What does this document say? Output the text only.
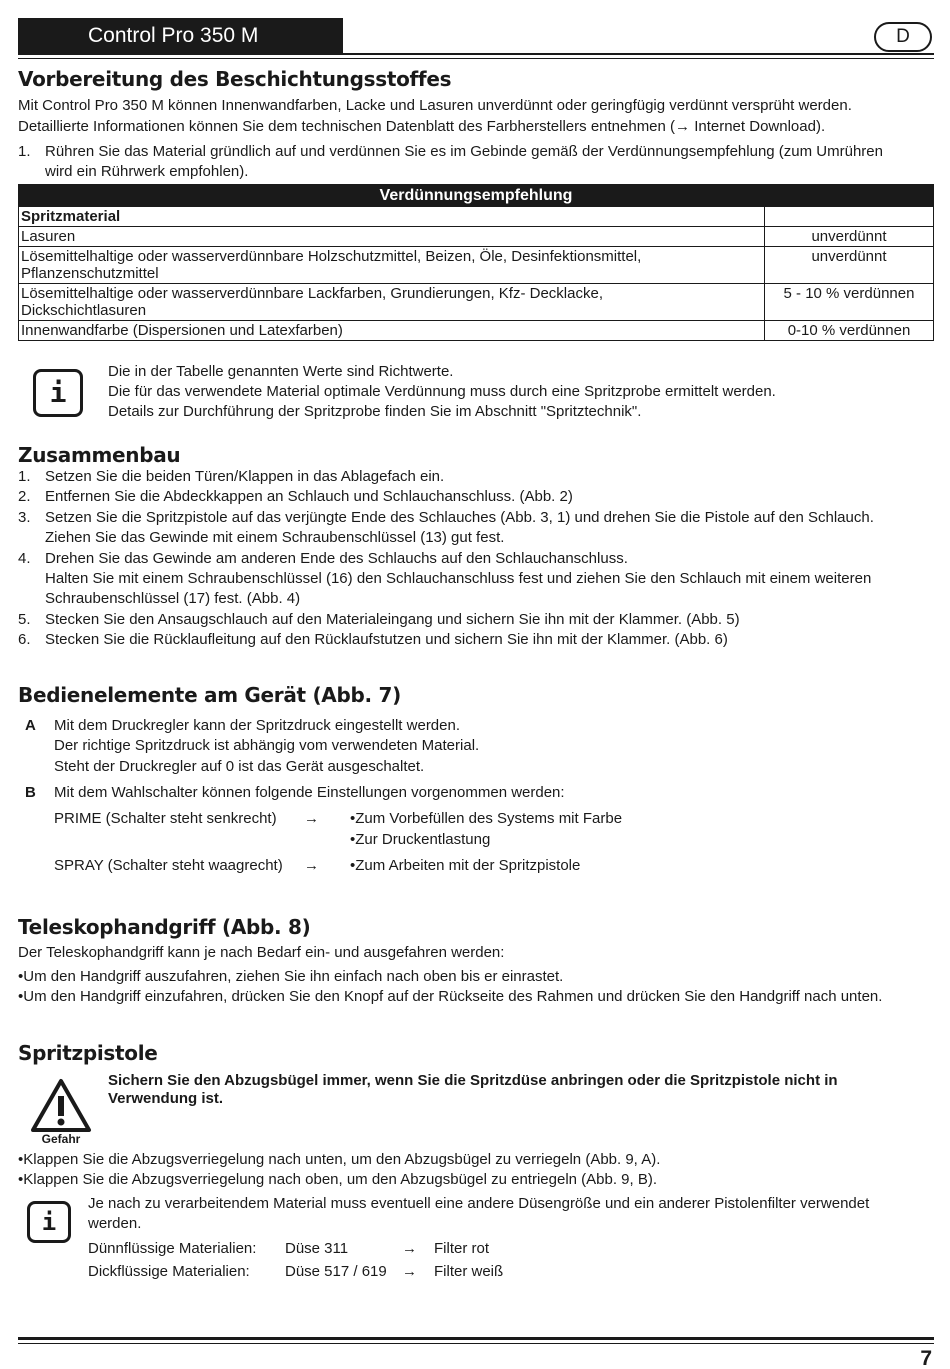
Control Pro 350 M	D
Vorbereitung des Beschichtungsstoffes
Mit Control Pro 350 M können Innenwandfarben, Lacke und Lasuren unverdünnt oder geringfügig verdünnt versprüht werden.
Detaillierte Informationen können Sie dem technischen Datenblatt des Farbherstellers entnehmen (→ Internet Download).
1. Rühren Sie das Material gründlich auf und verdünnen Sie es im Gebinde gemäß der Verdünnungsempfehlung (zum Umrühren
wird ein Rührwerk empfohlen).
Verdünnungsempfehlung	
Spritzmaterial	
Lasuren	unverdünnt
Lösemittelhaltige oder wasserverdünnbare Holzschutzmittel, Beizen, Öle, Desinfektionsmittel, Pflanzenschutzmittel	unverdünnt
Lösemittelhaltige oder wasserverdünnbare Lackfarben, Grundierungen, Kfz- Decklacke, Dickschichtlasuren	5 - 10 % verdünnen
Innenwandfarbe (Dispersionen und Latexfarben)	0-10 % verdünnen
i
Die in der Tabelle genannten Werte sind Richtwerte.
Die für das verwendete Material optimale Verdünnung muss durch eine Spritzprobe ermittelt werden.
Details zur Durchführung der Spritzprobe finden Sie im Abschnitt "Spritztechnik".
Zusammenbau
1. Setzen Sie die beiden Türen/Klappen in das Ablagefach ein.
2. Entfernen Sie die Abdeckkappen an Schlauch und Schlauchanschluss. (Abb. 2)
3. Setzen Sie die Spritzpistole auf das verjüngte Ende des Schlauches (Abb. 3, 1) und drehen Sie die Pistole auf den Schlauch.
Ziehen Sie das Gewinde mit einem Schraubenschlüssel (13) gut fest.
4. Drehen Sie das Gewinde am anderen Ende des Schlauchs auf den Schlauchanschluss.
Halten Sie mit einem Schraubenschlüssel (16) den Schlauchanschluss fest und ziehen Sie den Schlauch mit einem weiteren
Schraubenschlüssel (17) fest. (Abb. 4)
5. Stecken Sie den Ansaugschlauch auf den Materialeingang und sichern Sie ihn mit der Klammer. (Abb. 5)
6. Stecken Sie die Rücklaufleitung auf den Rücklaufstutzen und sichern Sie ihn mit der Klammer. (Abb. 6)
Bedienelemente am Gerät (Abb. 7)
A Mit dem Druckregler kann der Spritzdruck eingestellt werden.
Der richtige Spritzdruck ist abhängig vom verwendeten Material.
Steht der Druckregler auf 0 ist das Gerät ausgeschaltet.
B Mit dem Wahlschalter können folgende Einstellungen vorgenommen werden:
PRIME (Schalter steht senkrecht) → •Zum Vorbefüllen des Systems mit Farbe
•Zur Druckentlastung
SPRAY (Schalter steht waagrecht) → •Zum Arbeiten mit der Spritzpistole
Teleskophandgriff (Abb. 8)
Der Teleskophandgriff kann je nach Bedarf ein- und ausgefahren werden:
•Um den Handgriff auszufahren, ziehen Sie ihn einfach nach oben bis er einrastet.
•Um den Handgriff einzufahren, drücken Sie den Knopf auf der Rückseite des Rahmen und drücken Sie den Handgriff nach unten.
Spritzpistole
Gefahr
Sichern Sie den Abzugsbügel immer, wenn Sie die Spritzdüse anbringen oder die Spritzpistole nicht in
Verwendung ist.
•Klappen Sie die Abzugsverriegelung nach unten, um den Abzugsbügel zu verriegeln (Abb. 9, A).
•Klappen Sie die Abzugsverriegelung nach oben, um den Abzugsbügel zu entriegeln (Abb. 9, B).
i
Je nach zu verarbeitendem Material muss eventuell eine andere Düsengröße und ein anderer Pistolenfilter verwendet
werden.
Dünnflüssige Materialien: Düse 311	→ Filter rot
Dickflüssige Materialien: Düse 517 / 619 → Filter weiß
7
